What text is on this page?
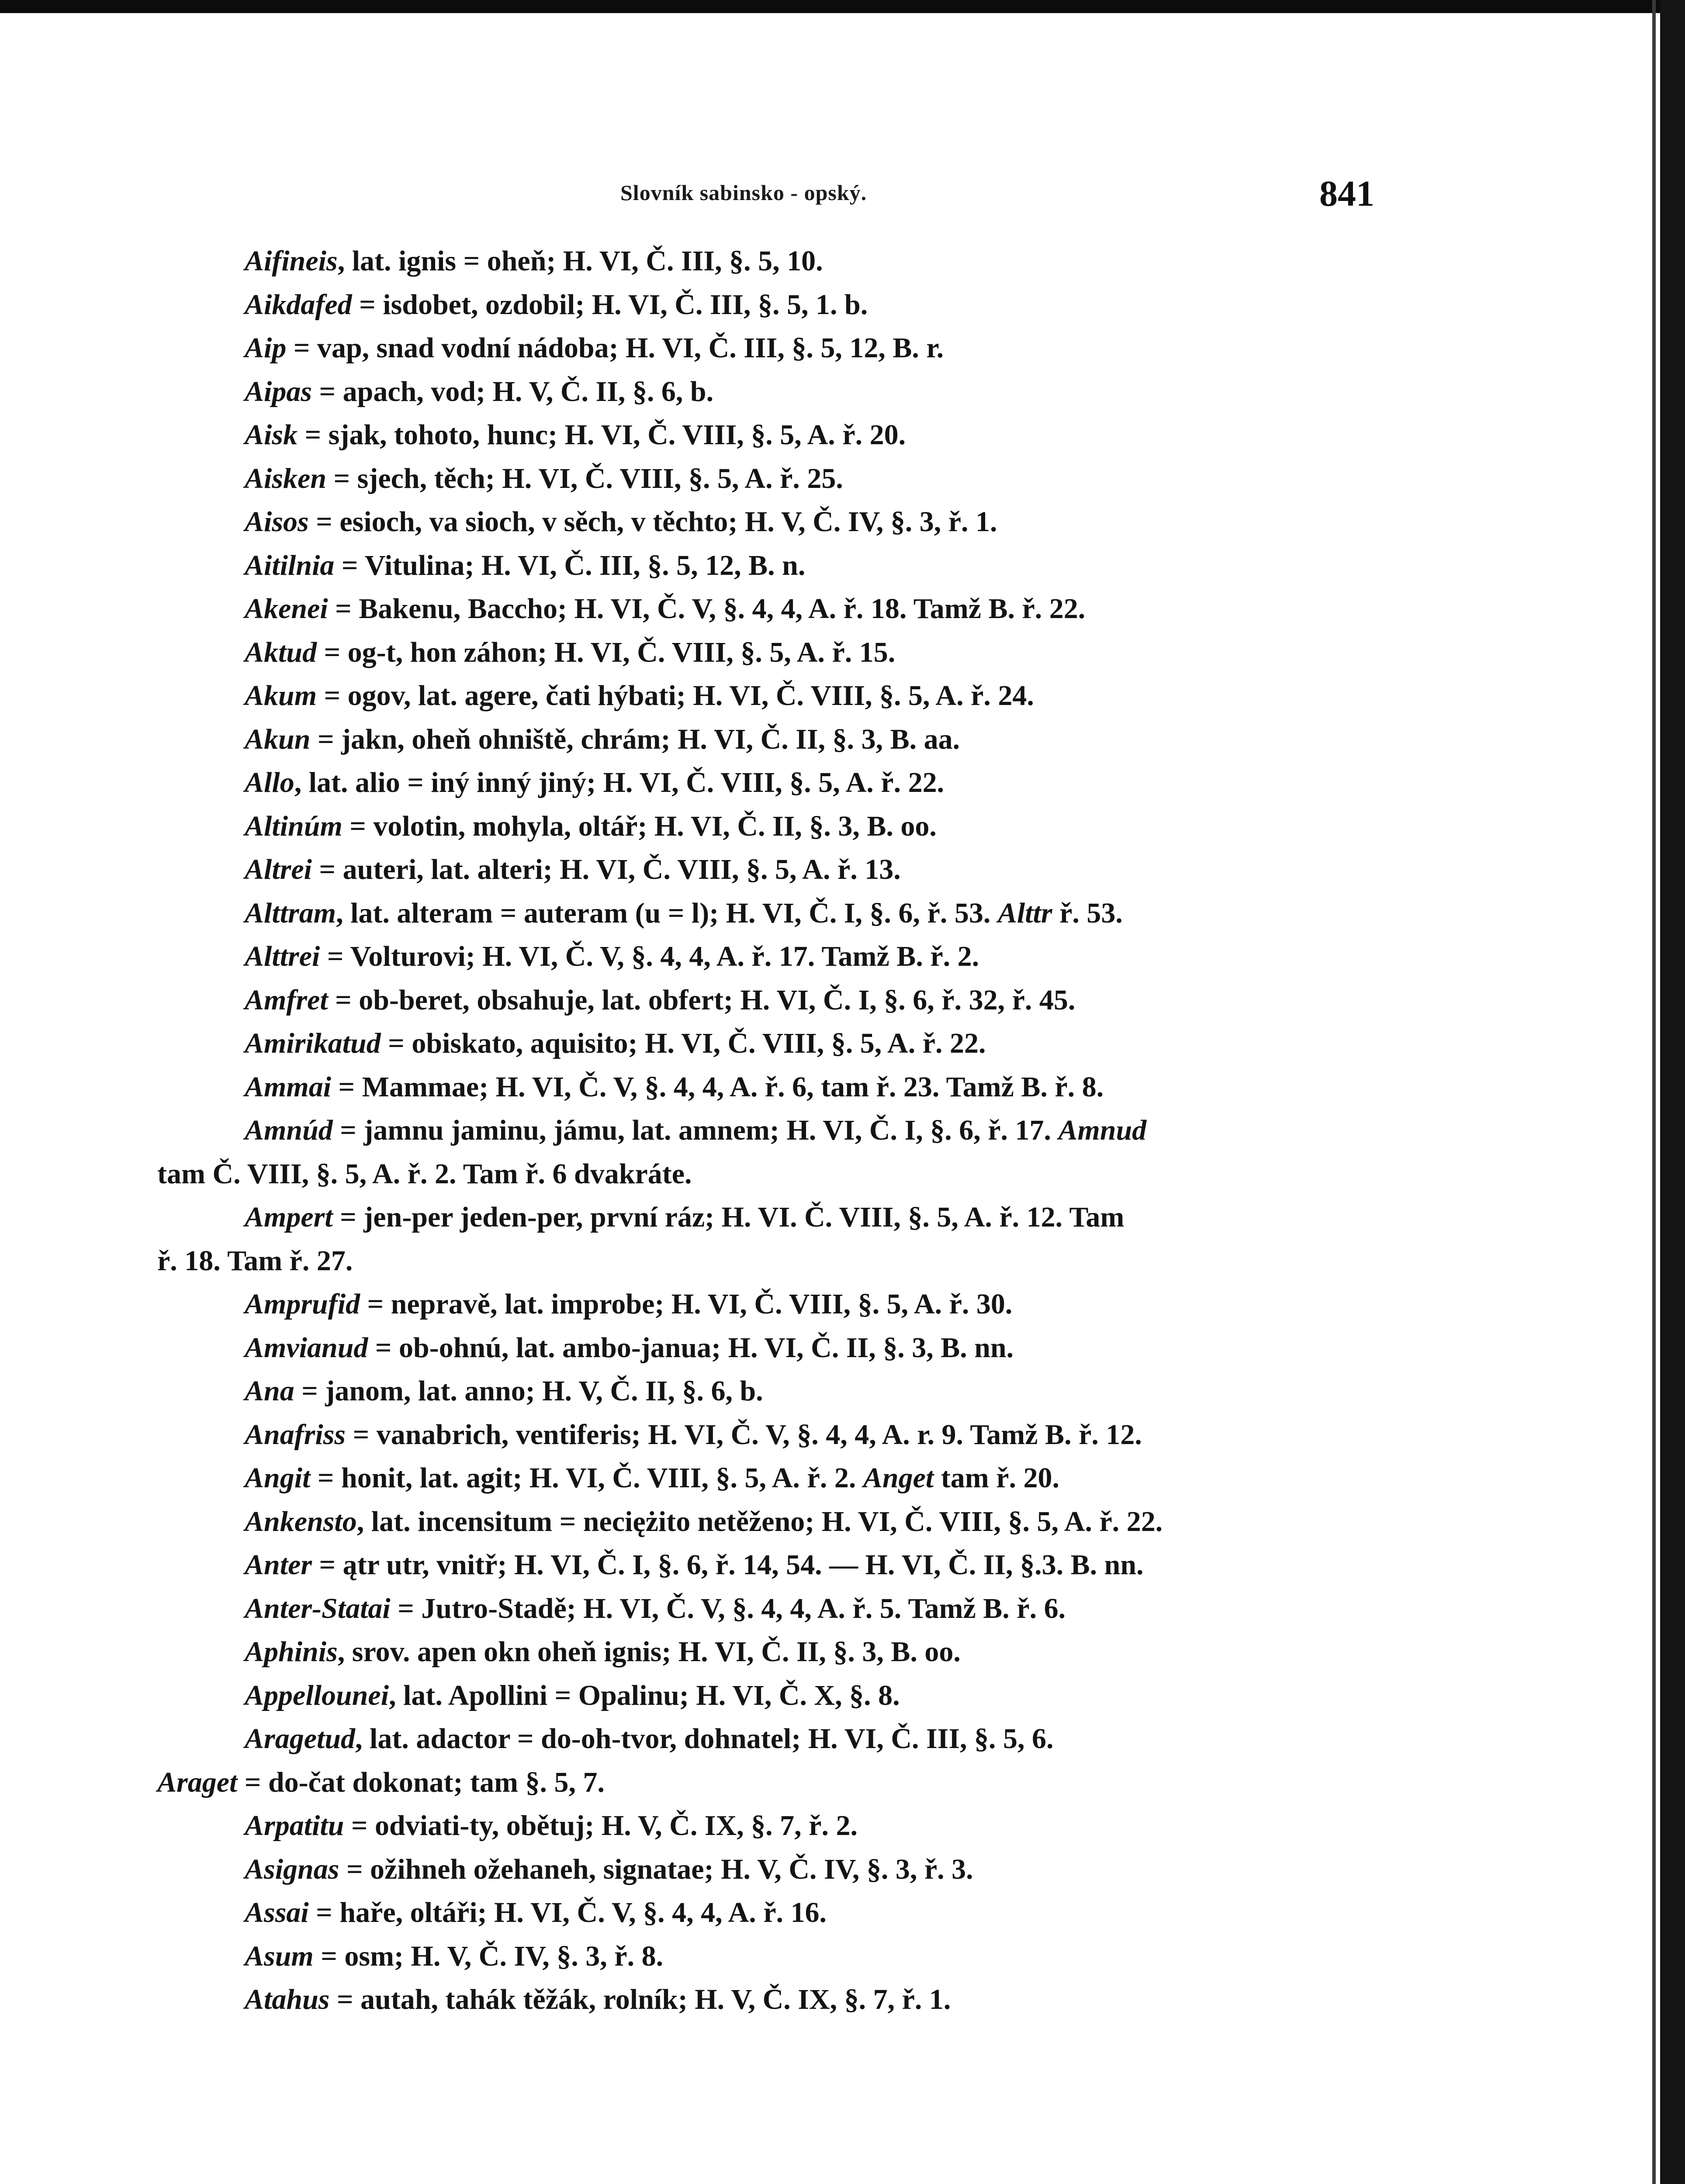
Slovník sabinsko - opský.	841
Aifineis, lat. ignis = oheň; H. VI, Č. III, §. 5, 10.
Aikdafed = isdobet, ozdobil; H. VI, Č. III, §. 5, 1. b.
Aip = vap, snad vodní nádoba; H. VI, Č. III, §. 5, 12, B. r.
Aipas = apach, vod; H. V, Č. II, §. 6, b.
Aisk = sjak, tohoto, hunc; H. VI, Č. VIII, §. 5, A. ř. 20.
Aisken = sjech, těch; H. VI, Č. VIII, §. 5, A. ř. 25.
Aisos = esioch, va sioch, v sěch, v těchto; H. V, Č. IV, §. 3, ř. 1.
Aitilnia = Vitulina; H. VI, Č. III, §. 5, 12, B. n.
Akenei = Bakenu, Baccho; H. VI, Č. V, §. 4, 4, A. ř. 18. Tamž B. ř. 22.
Aktud = og-t, hon záhon; H. VI, Č. VIII, §. 5, A. ř. 15.
Akum = ogov, lat. agere, čati hýbati; H. VI, Č. VIII, §. 5, A. ř. 24.
Akun = jakn, oheň ohniště, chrám; H. VI, Č. II, §. 3, B. aa.
Allo, lat. alio = iný inný jiný; H. VI, Č. VIII, §. 5, A. ř. 22.
Altinúm = volotin, mohyla, oltář; H. VI, Č. II, §. 3, B. oo.
Altrei = auteri, lat. alteri; H. VI, Č. VIII, §. 5, A. ř. 13.
Alttram, lat. alteram = auteram (u = l); H. VI, Č. I, §. 6, ř. 53. Alttr ř. 53.
Alttrei = Volturovi; H. VI, Č. V, §. 4, 4, A. ř. 17. Tamž B. ř. 2.
Amfret = ob-beret, obsahuje, lat. obfert; H. VI, Č. I, §. 6, ř. 32, ř. 45.
Amirikatud = obiskato, aquisito; H. VI, Č. VIII, §. 5, A. ř. 22.
Ammai = Mammae; H. VI, Č. V, §. 4, 4, A. ř. 6, tam ř. 23. Tamž B. ř. 8.
Amnúd = jamnu jaminu, jámu, lat. amnem; H. VI, Č. I, §. 6, ř. 17. Amnud
tam Č. VIII, §. 5, A. ř. 2. Tam ř. 6 dvakráte.
Ampert = jen-per jeden-per, první ráz; H. VI. Č. VIII, §. 5, A. ř. 12. Tam
ř. 18. Tam ř. 27.
Amprufid = nepravě, lat. improbe; H. VI, Č. VIII, §. 5, A. ř. 30.
Amvianud = ob-ohnú, lat. ambo-janua; H. VI, Č. II, §. 3, B. nn.
Ana = janom, lat. anno; H. V, Č. II, §. 6, b.
Anafriss = vanabrich, ventiferis; H. VI, Č. V, §. 4, 4, A. r. 9. Tamž B. ř. 12.
Angit = honit, lat. agit; H. VI, Č. VIII, §. 5, A. ř. 2. Anget tam ř. 20.
Ankensto, lat. incensitum = neciężito netěženo; H. VI, Č. VIII, §. 5, A. ř. 22.
Anter = ątr utr, vnitř; H. VI, Č. I, §. 6, ř. 14, 54. — H. VI, Č. II, §.3. B. nn.
Anter-Statai = Jutro-Stadě; H. VI, Č. V, §. 4, 4, A. ř. 5. Tamž B. ř. 6.
Aphinis, srov. apen okn oheň ignis; H. VI, Č. II, §. 3, B. oo.
Appellounei, lat. Apollini = Opalinu; H. VI, Č. X, §. 8.
Aragetud, lat. adactor = do-oh-tvor, dohnatel; H. VI, Č. III, §. 5, 6.
Araget = do-čat dokonat; tam §. 5, 7.
Arpatitu = odviati-ty, obětuj; H. V, Č. IX, §. 7, ř. 2.
Asignas = ožihneh ožehaneh, signatae; H. V, Č. IV, §. 3, ř. 3.
Assai = haře, oltáři; H. VI, Č. V, §. 4, 4, A. ř. 16.
Asum = osm; H. V, Č. IV, §. 3, ř. 8.
Atahus = autah, tahák těžák, rolník; H. V, Č. IX, §. 7, ř. 1.
